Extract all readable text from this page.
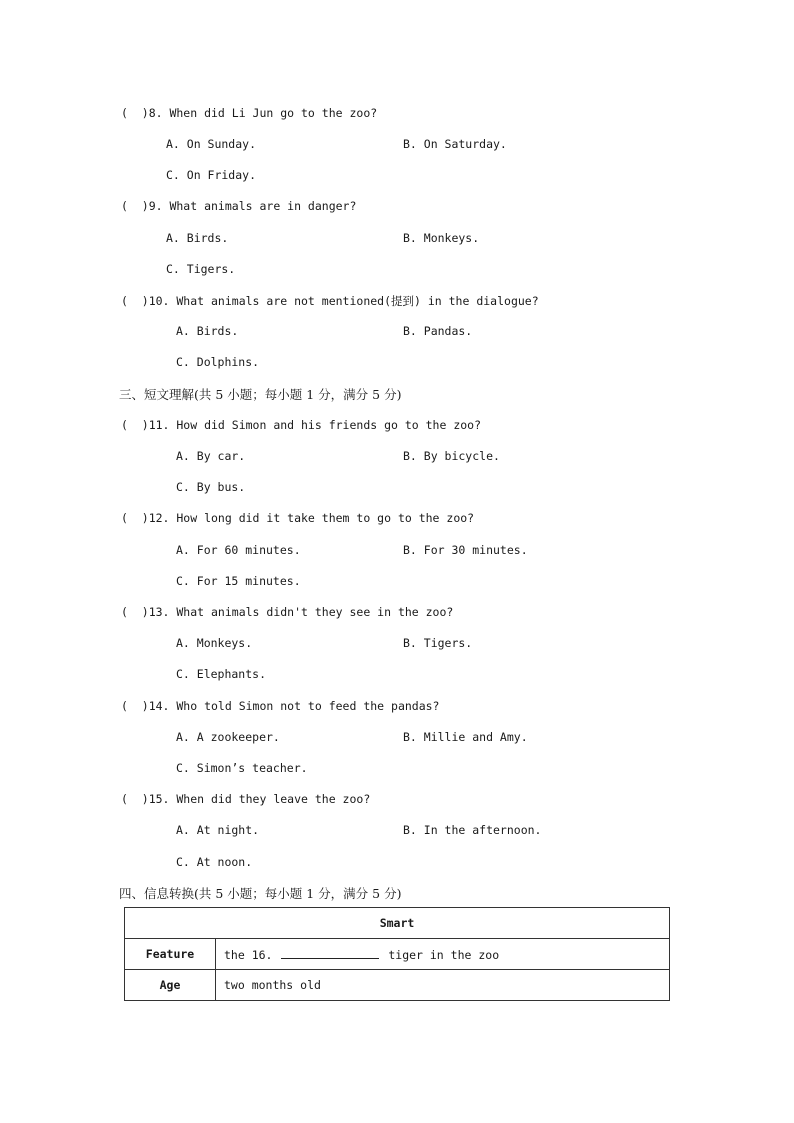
(  )8. When did Li Jun go to the zoo?
A. On Sunday.	B. On Saturday.
C. On Friday.
(  )9. What animals are in danger?
A. Birds.	B. Monkeys.
C. Tigers.
(  )10. What animals are not mentioned(提到) in the dialogue?
A. Birds.	B. Pandas.
C. Dolphins.
三、短文理解(共 5 小题；每小题 1 分，满分 5 分)
(  )11. How did Simon and his friends go to the zoo?
A. By car.	B. By bicycle.
C. By bus.
(  )12. How long did it take them to go to the zoo?
A. For 60 minutes.	B. For 30 minutes.
C. For 15 minutes.
(  )13. What animals didn't they see in the zoo?
A. Monkeys.	B. Tigers.
C. Elephants.
(  )14. Who told Simon not to feed the pandas?
A. A zookeeper.	B. Millie and Amy.
C. Simon’s teacher.
(  )15. When did they leave the zoo?
A. At night.	B. In the afternoon.
C. At noon.
四、信息转换(共 5 小题；每小题 1 分，满分 5 分)
Smart	
Feature	the 16. tiger in the zoo
Age	two months old
